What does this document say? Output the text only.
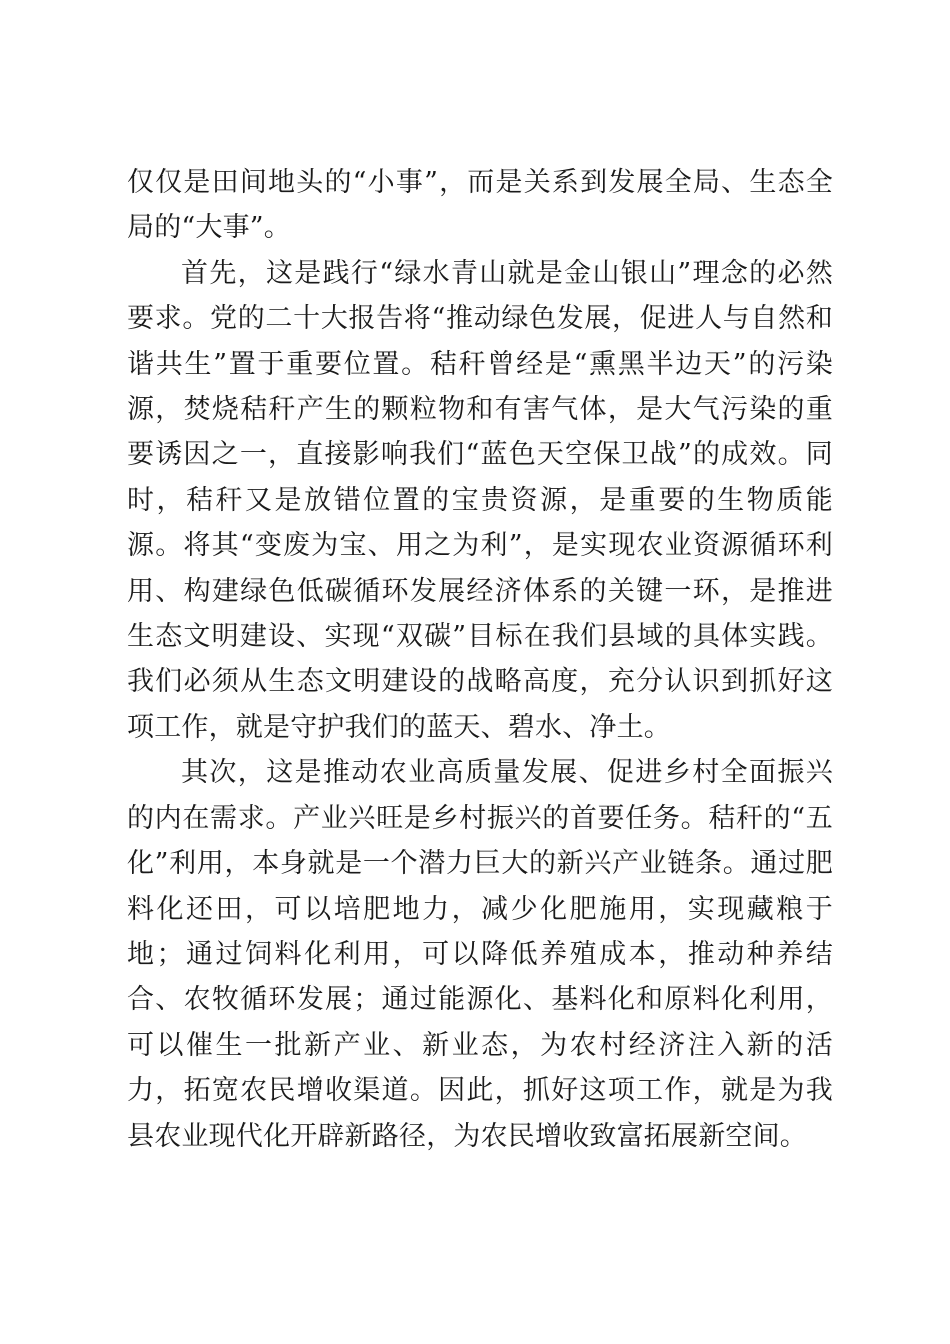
仅仅是田间地头的“小事”，而是关系到发展全局、生态全局的“大事”。

首先，这是践行“绿水青山就是金山银山”理念的必然要求。党的二十大报告将“推动绿色发展，促进人与自然和谐共生”置于重要位置。秸秆曾经是“熏黑半边天”的污染源，焚烧秸秆产生的颗粒物和有害气体，是大气污染的重要诱因之一，直接影响我们“蓝色天空保卫战”的成效。同时，秸秆又是放错位置的宝贵资源，是重要的生物质能源。将其“变废为宝、用之为利”，是实现农业资源循环利用、构建绿色低碳循环发展经济体系的关键一环，是推进生态文明建设、实现“双碳”目标在我们县域的具体实践。我们必须从生态文明建设的战略高度，充分认识到抓好这项工作，就是守护我们的蓝天、碧水、净土。

其次，这是推动农业高质量发展、促进乡村全面振兴的内在需求。产业兴旺是乡村振兴的首要任务。秸秆的“五化”利用，本身就是一个潜力巨大的新兴产业链条。通过肥料化还田，可以培肥地力，减少化肥施用，实现藏粮于地；通过饲料化利用，可以降低养殖成本，推动种养结合、农牧循环发展；通过能源化、基料化和原料化利用，可以催生一批新产业、新业态，为农村经济注入新的活力，拓宽农民增收渠道。因此，抓好这项工作，就是为我县农业现代化开辟新路径，为农民增收致富拓展新空间。
